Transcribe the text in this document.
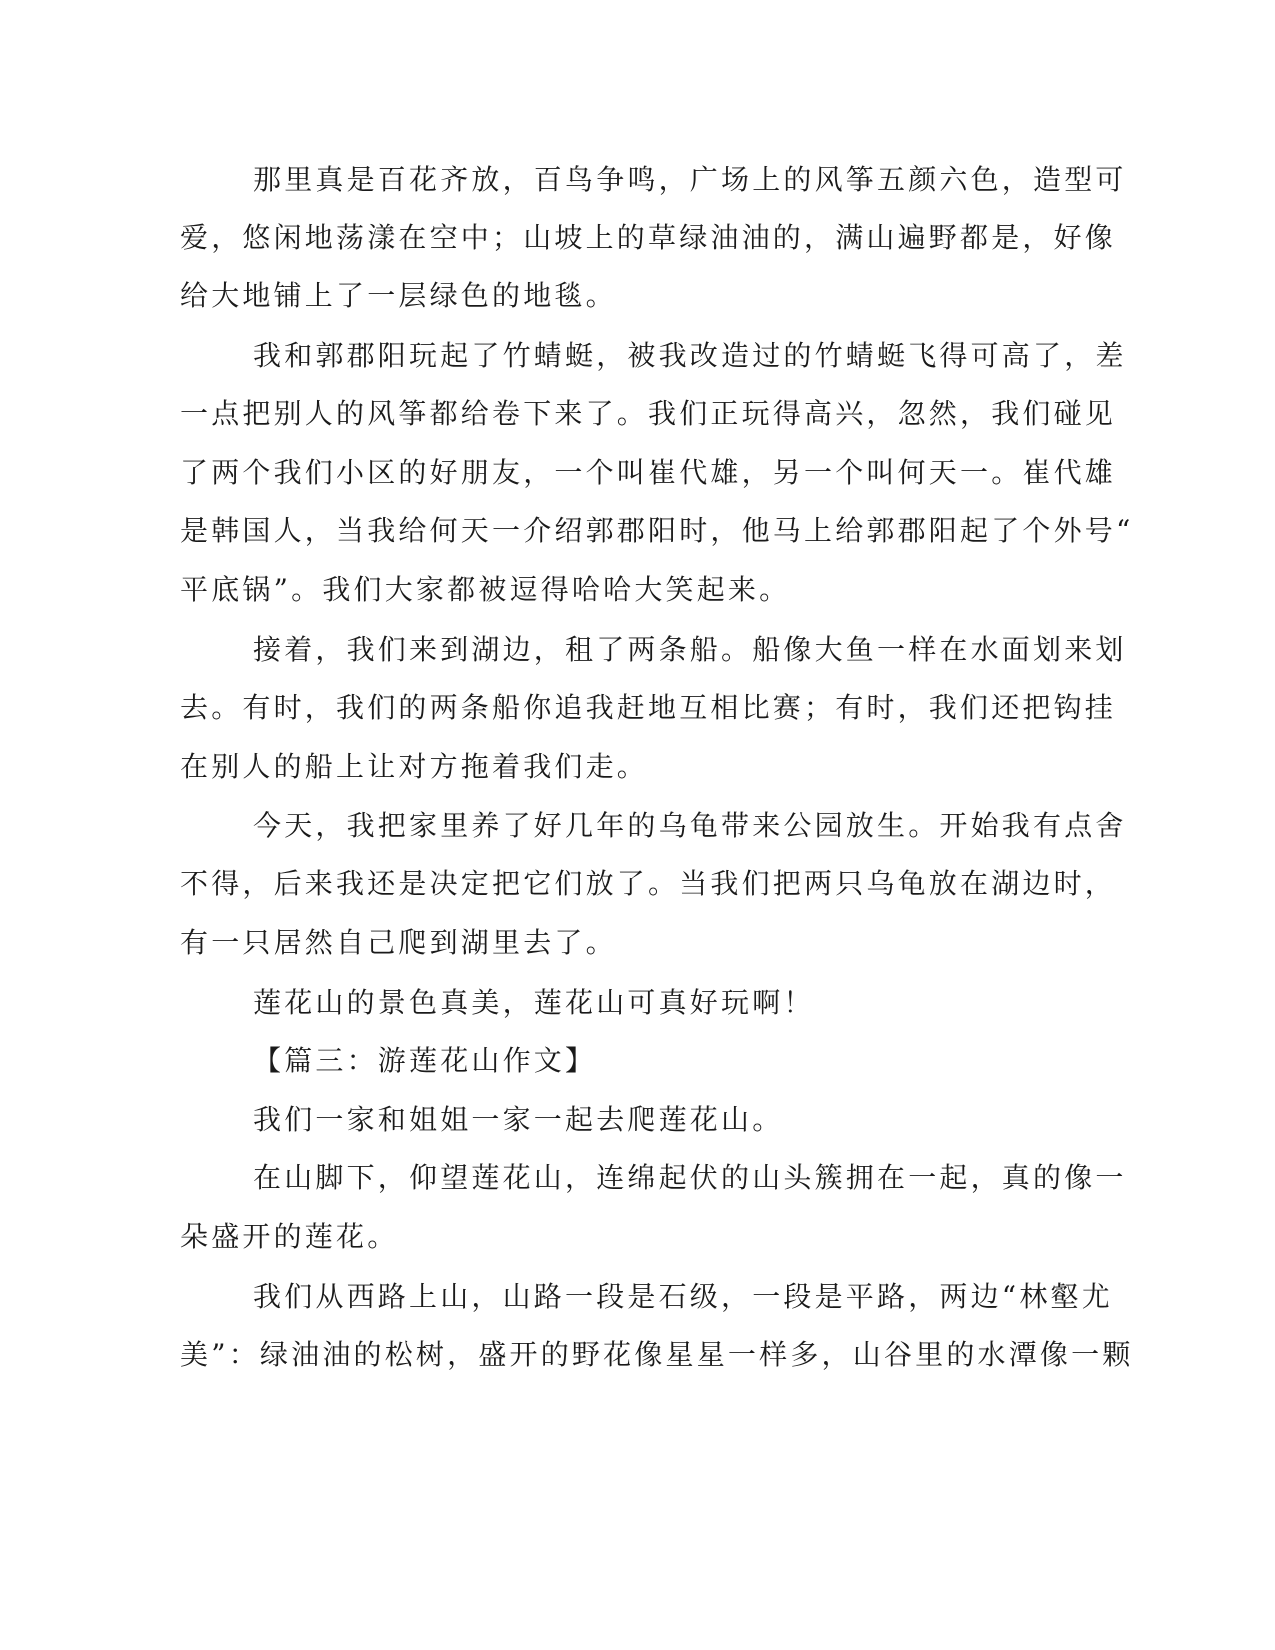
那里真是百花齐放，百鸟争鸣，广场上的风筝五颜六色，造型可
爱，悠闲地荡漾在空中；山坡上的草绿油油的，满山遍野都是，好像
给大地铺上了一层绿色的地毯。
我和郭郡阳玩起了竹蜻蜓，被我改造过的竹蜻蜓飞得可高了，差
一点把别人的风筝都给卷下来了。我们正玩得高兴，忽然，我们碰见
了两个我们小区的好朋友，一个叫崔代雄，另一个叫何天一。崔代雄
是韩国人，当我给何天一介绍郭郡阳时，他马上给郭郡阳起了个外号“
平底锅”。我们大家都被逗得哈哈大笑起来。
接着，我们来到湖边，租了两条船。船像大鱼一样在水面划来划
去。有时，我们的两条船你追我赶地互相比赛；有时，我们还把钩挂
在别人的船上让对方拖着我们走。
今天，我把家里养了好几年的乌龟带来公园放生。开始我有点舍
不得，后来我还是决定把它们放了。当我们把两只乌龟放在湖边时，
有一只居然自己爬到湖里去了。
莲花山的景色真美，莲花山可真好玩啊！
【篇三：游莲花山作文】
我们一家和姐姐一家一起去爬莲花山。
在山脚下，仰望莲花山，连绵起伏的山头簇拥在一起，真的像一
朵盛开的莲花。
我们从西路上山，山路一段是石级，一段是平路，两边“林壑尤
美”：绿油油的松树，盛开的野花像星星一样多，山谷里的水潭像一颗
